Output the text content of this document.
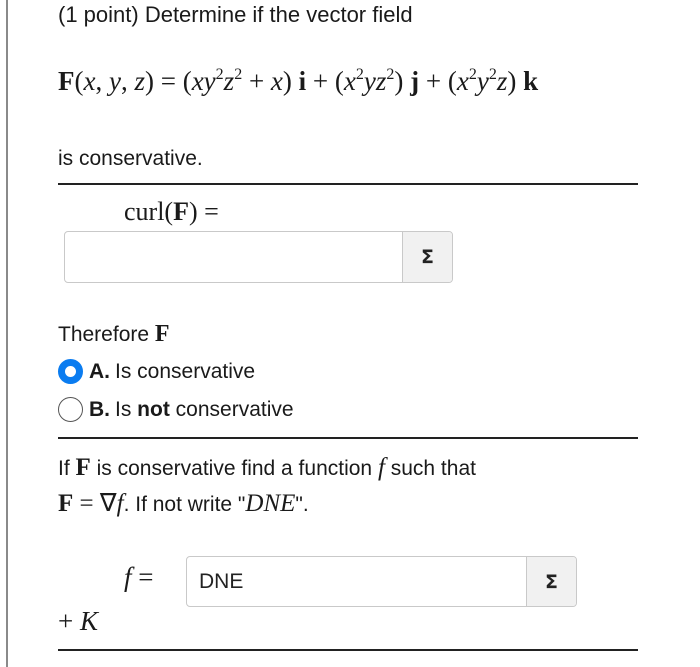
(1 point) Determine if the vector field
F(x, y, $z) = (xy^2z^2 + x) i + (x^2yz^2) j + (x^2y^2z)$ k
is conservative.
curl(F) =
Σ
Therefore F
A. Is conservative
B. Is not conservative
If F is conservative find a function f such that
F = ∇f. If not write "DNE".
f =
DNE	Σ
+ K
